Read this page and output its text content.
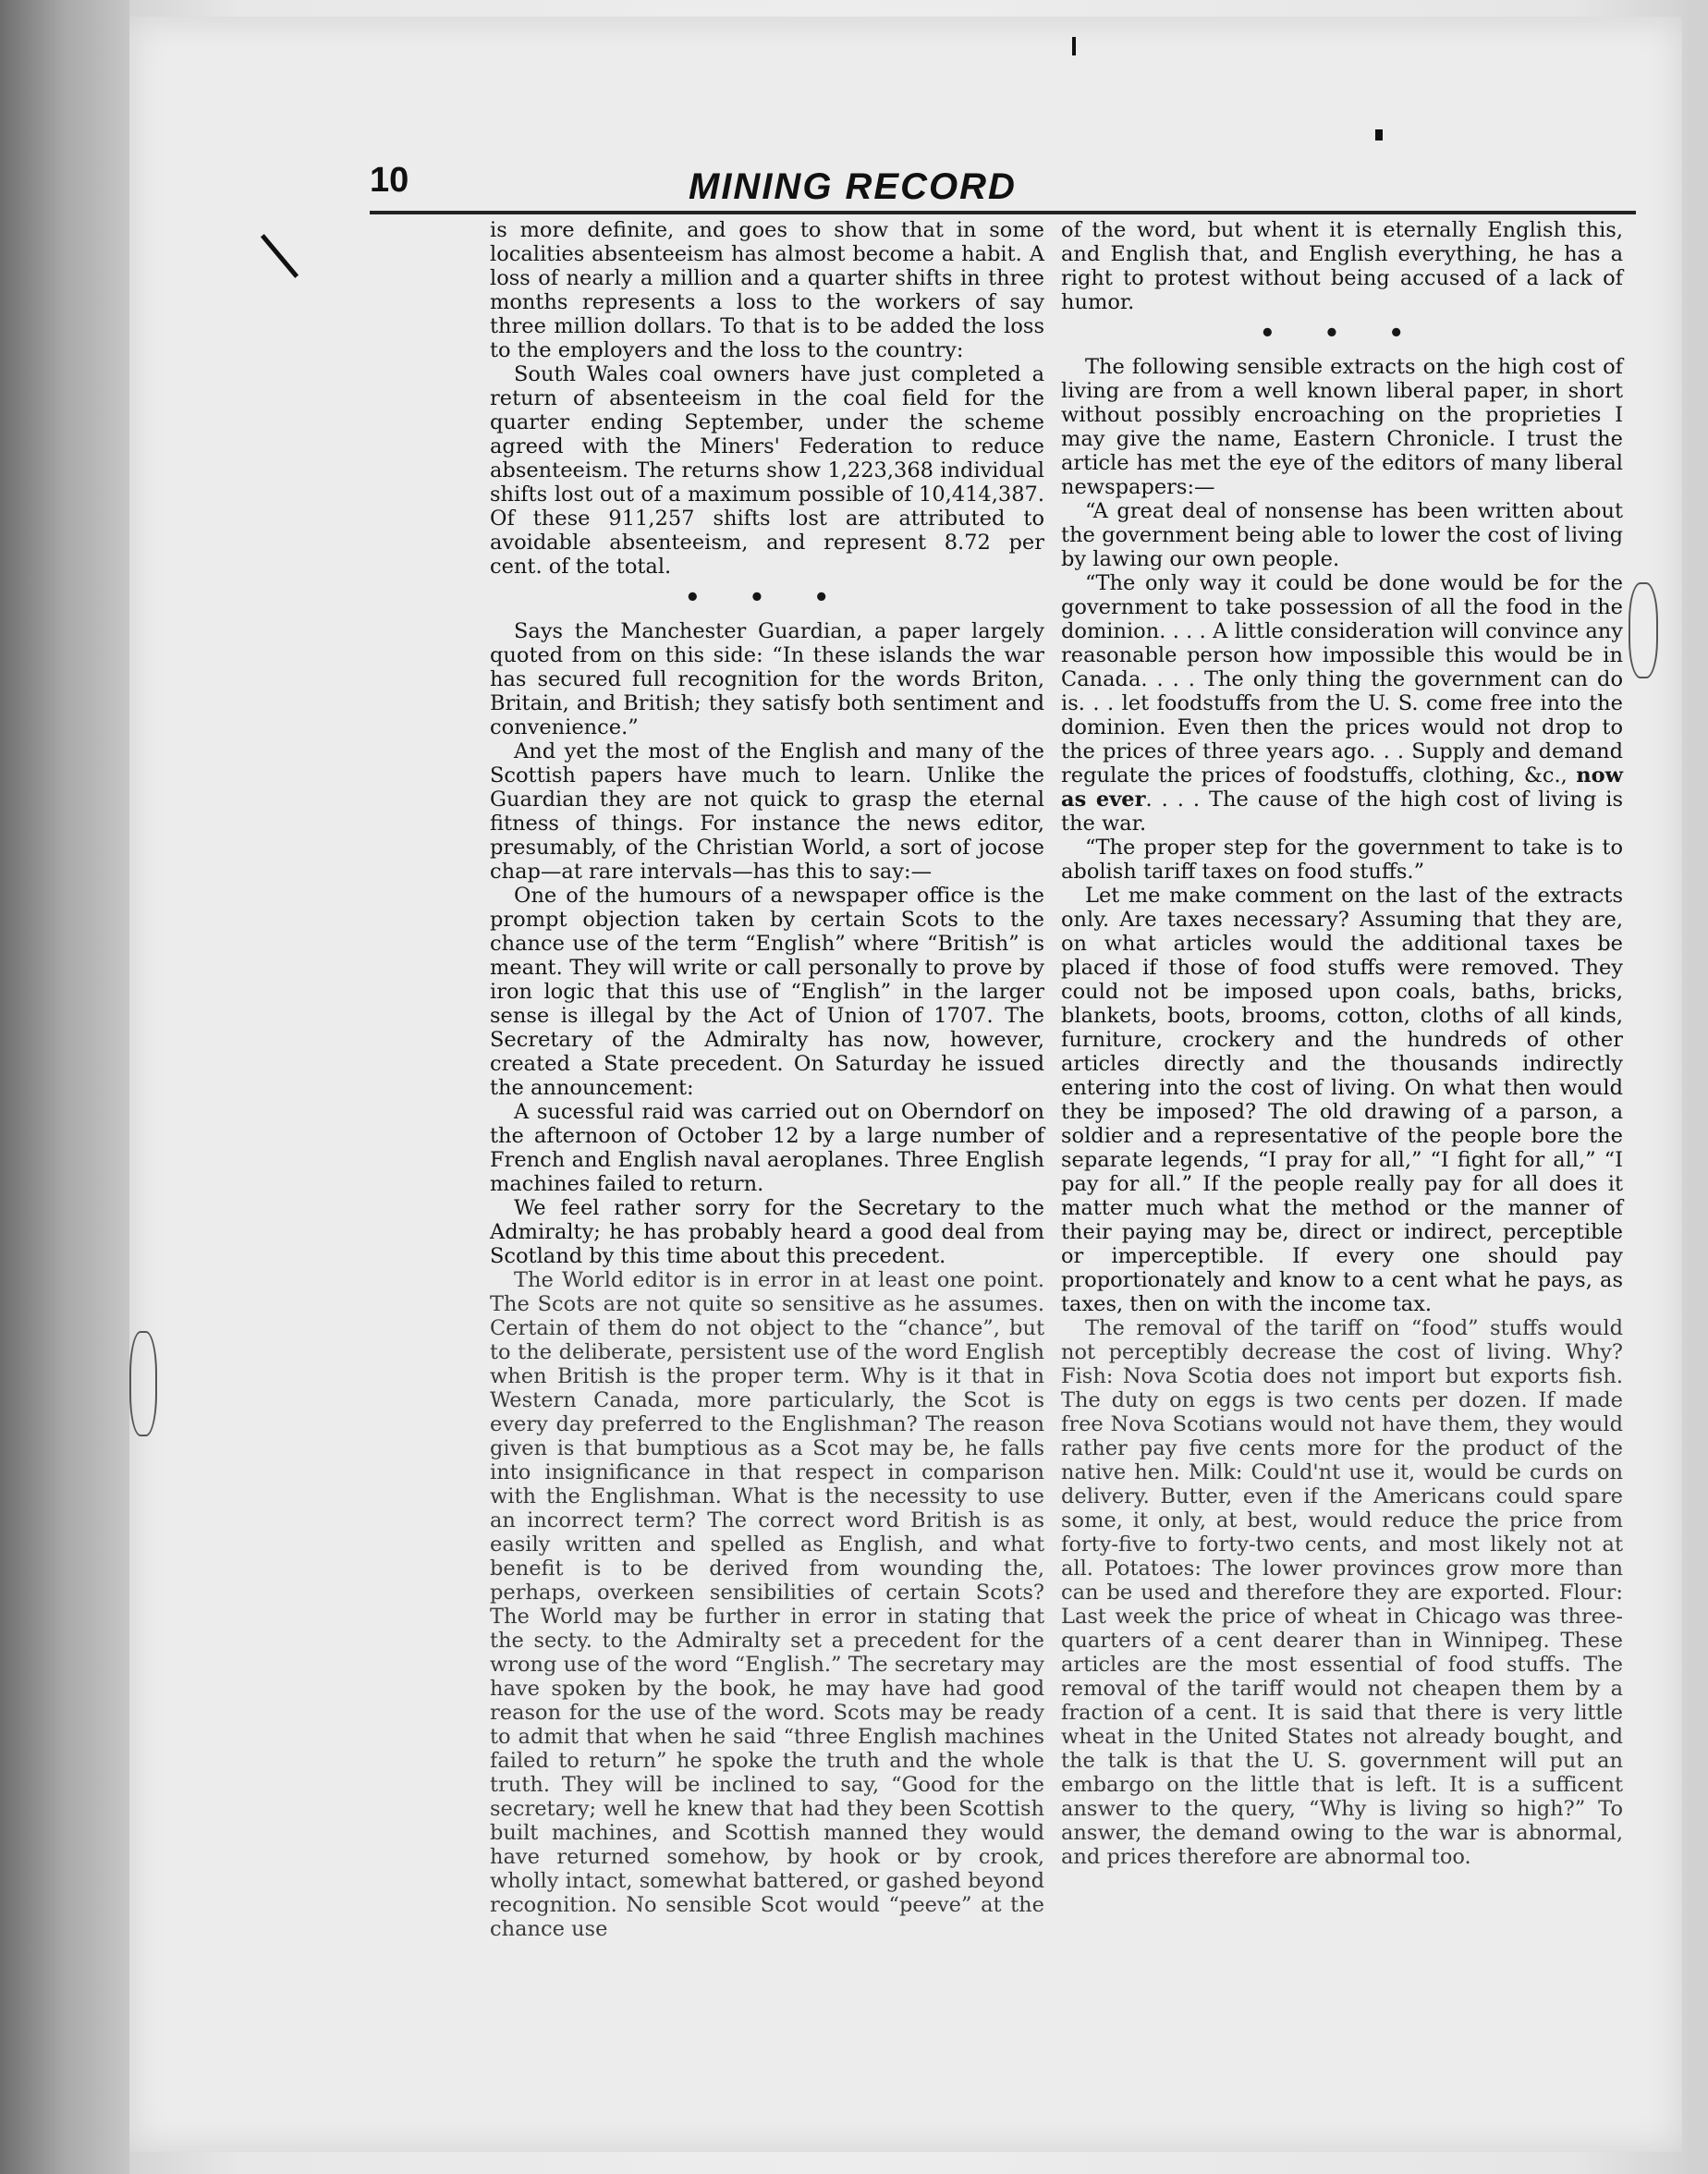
10	MINING RECORD

is more definite, and goes to show that in some localities absenteeism has almost become a habit. A loss of nearly a million and a quarter shifts in three months represents a loss to the workers of say three million dollars. To that is to be added the loss to the employers and the loss to the country:

South Wales coal owners have just completed a return of absenteeism in the coal field for the quarter ending September, under the scheme agreed with the Miners' Federation to reduce absenteeism. The returns show 1,223,368 individual shifts lost out of a maximum possible of 10,414,387. Of these 911,257 shifts lost are attributed to avoidable absenteeism, and represent 8.72 per cent. of the total.

• • •

Says the Manchester Guardian, a paper largely quoted from on this side: “In these islands the war has secured full recognition for the words Briton, Britain, and British; they satisfy both sentiment and convenience.”

And yet the most of the English and many of the Scottish papers have much to learn. Unlike the Guardian they are not quick to grasp the eternal fitness of things. For instance the news editor, presumably, of the Christian World, a sort of jocose chap—at rare intervals—has this to say:—

One of the humours of a newspaper office is the prompt objection taken by certain Scots to the chance use of the term “English” where “British” is meant. They will write or call personally to prove by iron logic that this use of “English” in the larger sense is illegal by the Act of Union of 1707. The Secretary of the Admiralty has now, however, created a State precedent. On Saturday he issued the announcement:

A sucessful raid was carried out on Oberndorf on the afternoon of October 12 by a large number of French and English naval aeroplanes. Three English machines failed to return.

We feel rather sorry for the Secretary to the Admiralty; he has probably heard a good deal from Scotland by this time about this precedent.

The World editor is in error in at least one point. The Scots are not quite so sensitive as he assumes. Certain of them do not object to the “chance”, but to the deliberate, persistent use of the word English when British is the proper term. Why is it that in Western Canada, more particularly, the Scot is every day preferred to the Englishman? The reason given is that bumptious as a Scot may be, he falls into insignificance in that respect in comparison with the Englishman. What is the necessity to use an incorrect term? The correct word British is as easily written and spelled as English, and what benefit is to be derived from wounding the, perhaps, overkeen sensibilities of certain Scots? The World may be further in error in stating that the secty. to the Admiralty set a precedent for the wrong use of the word “English.” The secretary may have spoken by the book, he may have had good reason for the use of the word. Scots may be ready to admit that when he said “three English machines failed to return” he spoke the truth and the whole truth. They will be inclined to say, “Good for the secretary; well he knew that had they been Scottish built machines, and Scottish manned they would have returned somehow, by hook or by crook, wholly intact, somewhat battered, or gashed beyond recognition. No sensible Scot would “peeve” at the chance use

of the word, but whent it is eternally English this, and English that, and English everything, he has a right to protest without being accused of a lack of humor.

• • •

The following sensible extracts on the high cost of living are from a well known liberal paper, in short without possibly encroaching on the proprieties I may give the name, Eastern Chronicle. I trust the article has met the eye of the editors of many liberal newspapers:—

“A great deal of nonsense has been written about the government being able to lower the cost of living by lawing our own people.

“The only way it could be done would be for the government to take possession of all the food in the dominion. . . . A little consideration will convince any reasonable person how impossible this would be in Canada. . . . The only thing the government can do is. . . let foodstuffs from the U. S. come free into the dominion. Even then the prices would not drop to the prices of three years ago. . . Supply and demand regulate the prices of foodstuffs, clothing, &c., now as ever. . . . The cause of the high cost of living is the war.

“The proper step for the government to take is to abolish tariff taxes on food stuffs.”

Let me make comment on the last of the extracts only. Are taxes necessary? Assuming that they are, on what articles would the additional taxes be placed if those of food stuffs were removed. They could not be imposed upon coals, baths, bricks, blankets, boots, brooms, cotton, cloths of all kinds, furniture, crockery and the hundreds of other articles directly and the thousands indirectly entering into the cost of living. On what then would they be imposed? The old drawing of a parson, a soldier and a representative of the people bore the separate legends, “I pray for all,” “I fight for all,” “I pay for all.” If the people really pay for all does it matter much what the method or the manner of their paying may be, direct or indirect, perceptible or imperceptible. If every one should pay proportionately and know to a cent what he pays, as taxes, then on with the income tax.

The removal of the tariff on “food” stuffs would not perceptibly decrease the cost of living. Why? Fish: Nova Scotia does not import but exports fish. The duty on eggs is two cents per dozen. If made free Nova Scotians would not have them, they would rather pay five cents more for the product of the native hen. Milk: Could'nt use it, would be curds on delivery. Butter, even if the Americans could spare some, it only, at best, would reduce the price from forty-five to forty-two cents, and most likely not at all. Potatoes: The lower provinces grow more than can be used and therefore they are exported. Flour: Last week the price of wheat in Chicago was three-quarters of a cent dearer than in Winnipeg. These articles are the most essential of food stuffs. The removal of the tariff would not cheapen them by a fraction of a cent. It is said that there is very little wheat in the United States not already bought, and the talk is that the U. S. government will put an embargo on the little that is left. It is a sufficent answer to the query, “Why is living so high?” To answer, the demand owing to the war is abnormal, and prices therefore are abnormal too.
